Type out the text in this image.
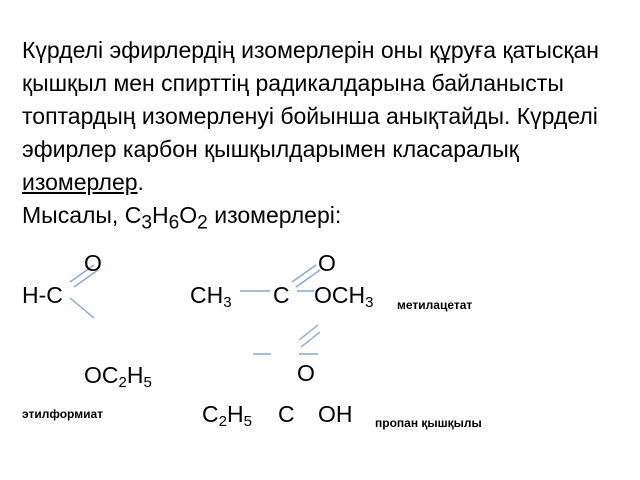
Күрделі эфирлердің изомерлерін оны құруға қатысқан қышқыл мен спирттің радикалдарына байланысты топтардың изомерленуі бойынша анықтайды. Күрделі эфирлер карбон қышқылдарымен класаралық изомерлер.
Мысалы, $C_3H_6O_2$ изомерлері:

O
H-C
$OC_2H_5$
этилформиат
O
$CH_3$ C $OCH_3$ метилацетат
O
$C_2H_5$ C OH пропан қышқылы
